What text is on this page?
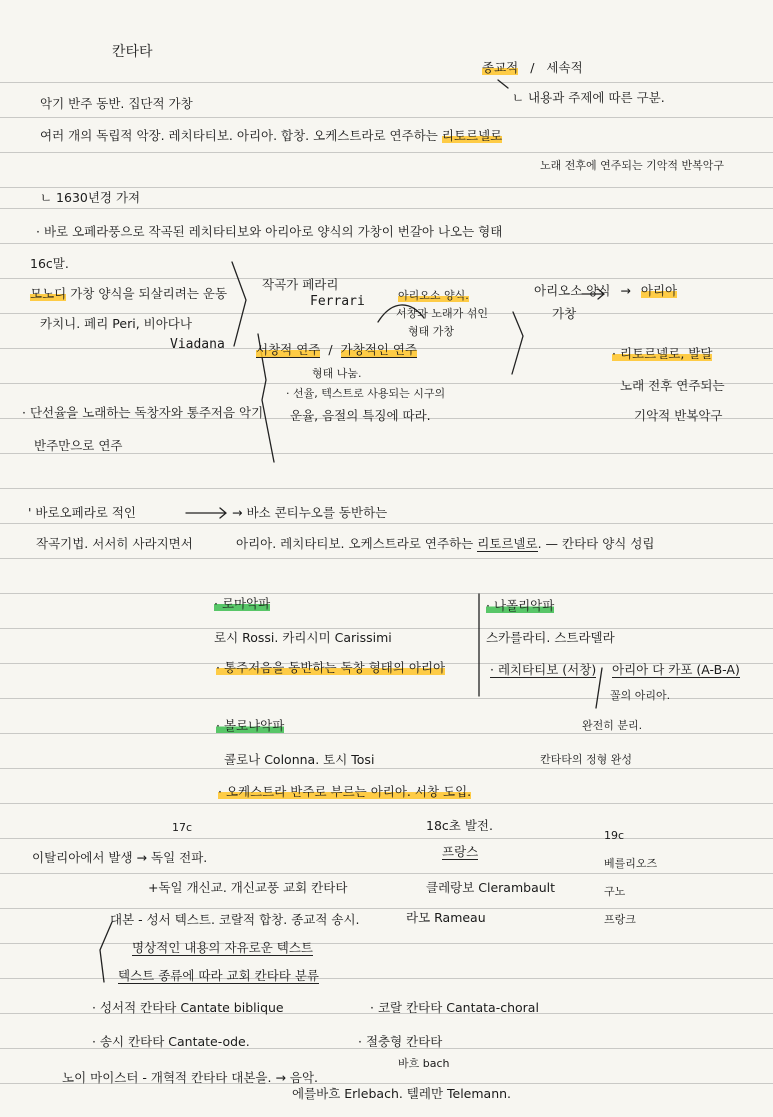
칸타타
종교적 / 세속적
ㄴ 내용과 주제에 따른 구분.
악기 반주 동반. 집단적 가창
여러 개의 독립적 악장. 레치타티보. 아리아. 합창. 오케스트라로 연주하는 리토르넬로
노래 전후에 연주되는 기악적 반복악구
ㄴ 1630년경 가져
· 바로 오페라풍으로 작곡된 레치타티보와 아리아로 양식의 가창이 번갈아 나오는 형태
16c말.
모노디 가창 양식을 되살리려는 운동
카치니. 페리 Peri, 비아다나
Viadana
작곡가 페라리
Ferrari	아리오소 양식.
서창과 노래가 섞인
형태 가창
서창적 연주 / 가창적인 연주
형태 나눔.
· 선율, 텍스트로 사용되는 시구의
운율, 음절의 특징에 따라.
아리오소 양식 → 아리아
가창
· 리토르넬로, 발달
노래 전후 연주되는
기악적 반복악구
· 단선율을 노래하는 독창자와 통주저음 악기
반주만으로 연주
' 바로오페라로 적인	→ 바소 콘티누오를 동반하는
작곡기법. 서서히 사라지면서	아리아. 레치타티보. 오케스트라로 연주하는 리토르넬로. — 칸타타 양식 성립
· 로마악파
로시 Rossi. 카리시미 Carissimi
· 통주저음을 동반하는 독창 형태의 아리아
· 나폴리악파
스카를라티. 스트라델라
· 레치타티보 (서창) 아리아 다 카포 (A-B-A)
꼴의 아리아.
완전히 분리.
칸타타의 정형 완성
· 볼로냐악파
콜로나 Colonna. 토시 Tosi
· 오케스트라 반주로 부르는 아리아. 서창 도입.
17c	18c초 발전.
19c
프랑스
이탈리아에서 발생 → 독일 전파.	베를리오즈
구노
프랑크
+독일 개신교. 개신교풍 교회 칸타타	클레랑보 Clerambault
라모 Rameau
대본 - 성서 텍스트. 코랄적 합창. 종교적 송시.
명상적인 내용의 자유로운 텍스트
텍스트 종류에 따라 교회 칸타타 분류
· 성서적 칸타타 Cantate biblique	· 코랄 칸타타 Cantata-choral
· 송시 칸타타 Cantate-ode.	· 절충형 칸타타
노이 마이스터 - 개혁적 칸타타 대본을. → 음악.
바흐 bach
에를바흐 Erlebach. 텔레만 Telemann.
